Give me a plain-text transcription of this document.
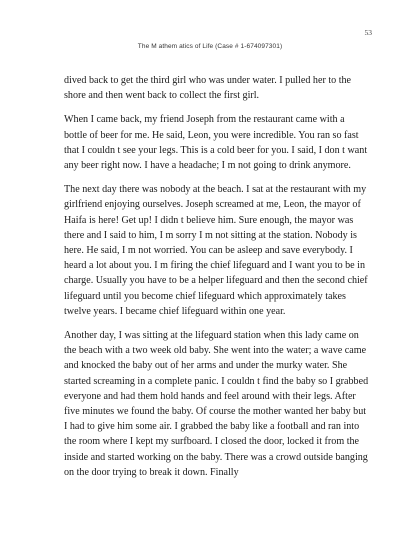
53
The M athem atics of Life (Case # 1-674097301)

dived back to get the third girl who was under water. I pulled her to the shore and then went back to collect the first girl.

When I came back, my friend Joseph from the restaurant came with a bottle of beer for me. He said, Leon, you were incredible. You ran so fast that I couldn t see your legs. This is a cold beer for you. I said, I don t want any beer right now. I have a headache; I m not going to drink anymore.

The next day there was nobody at the beach. I sat at the restaurant with my girlfriend enjoying ourselves. Joseph screamed at me, Leon, the mayor of Haifa is here! Get up! I didn t believe him. Sure enough, the mayor was there and I said to him, I m sorry I m not sitting at the station. Nobody is here. He said, I m not worried. You can be asleep and save everybody. I heard a lot about you. I m firing the chief lifeguard and I want you to be in charge. Usually you have to be a helper lifeguard and then the second chief lifeguard until you become chief lifeguard which approximately takes twelve years. I became chief lifeguard within one year.

Another day, I was sitting at the lifeguard station when this lady came on the beach with a two week old baby. She went into the water; a wave came and knocked the baby out of her arms and under the murky water. She started screaming in a complete panic. I couldn t find the baby so I grabbed everyone and had them hold hands and feel around with their legs. After five minutes we found the baby. Of course the mother wanted her baby but I had to give him some air. I grabbed the baby like a football and ran into the room where I kept my surfboard. I closed the door, locked it from the inside and started working on the baby. There was a crowd outside banging on the door trying to break it down. Finally
